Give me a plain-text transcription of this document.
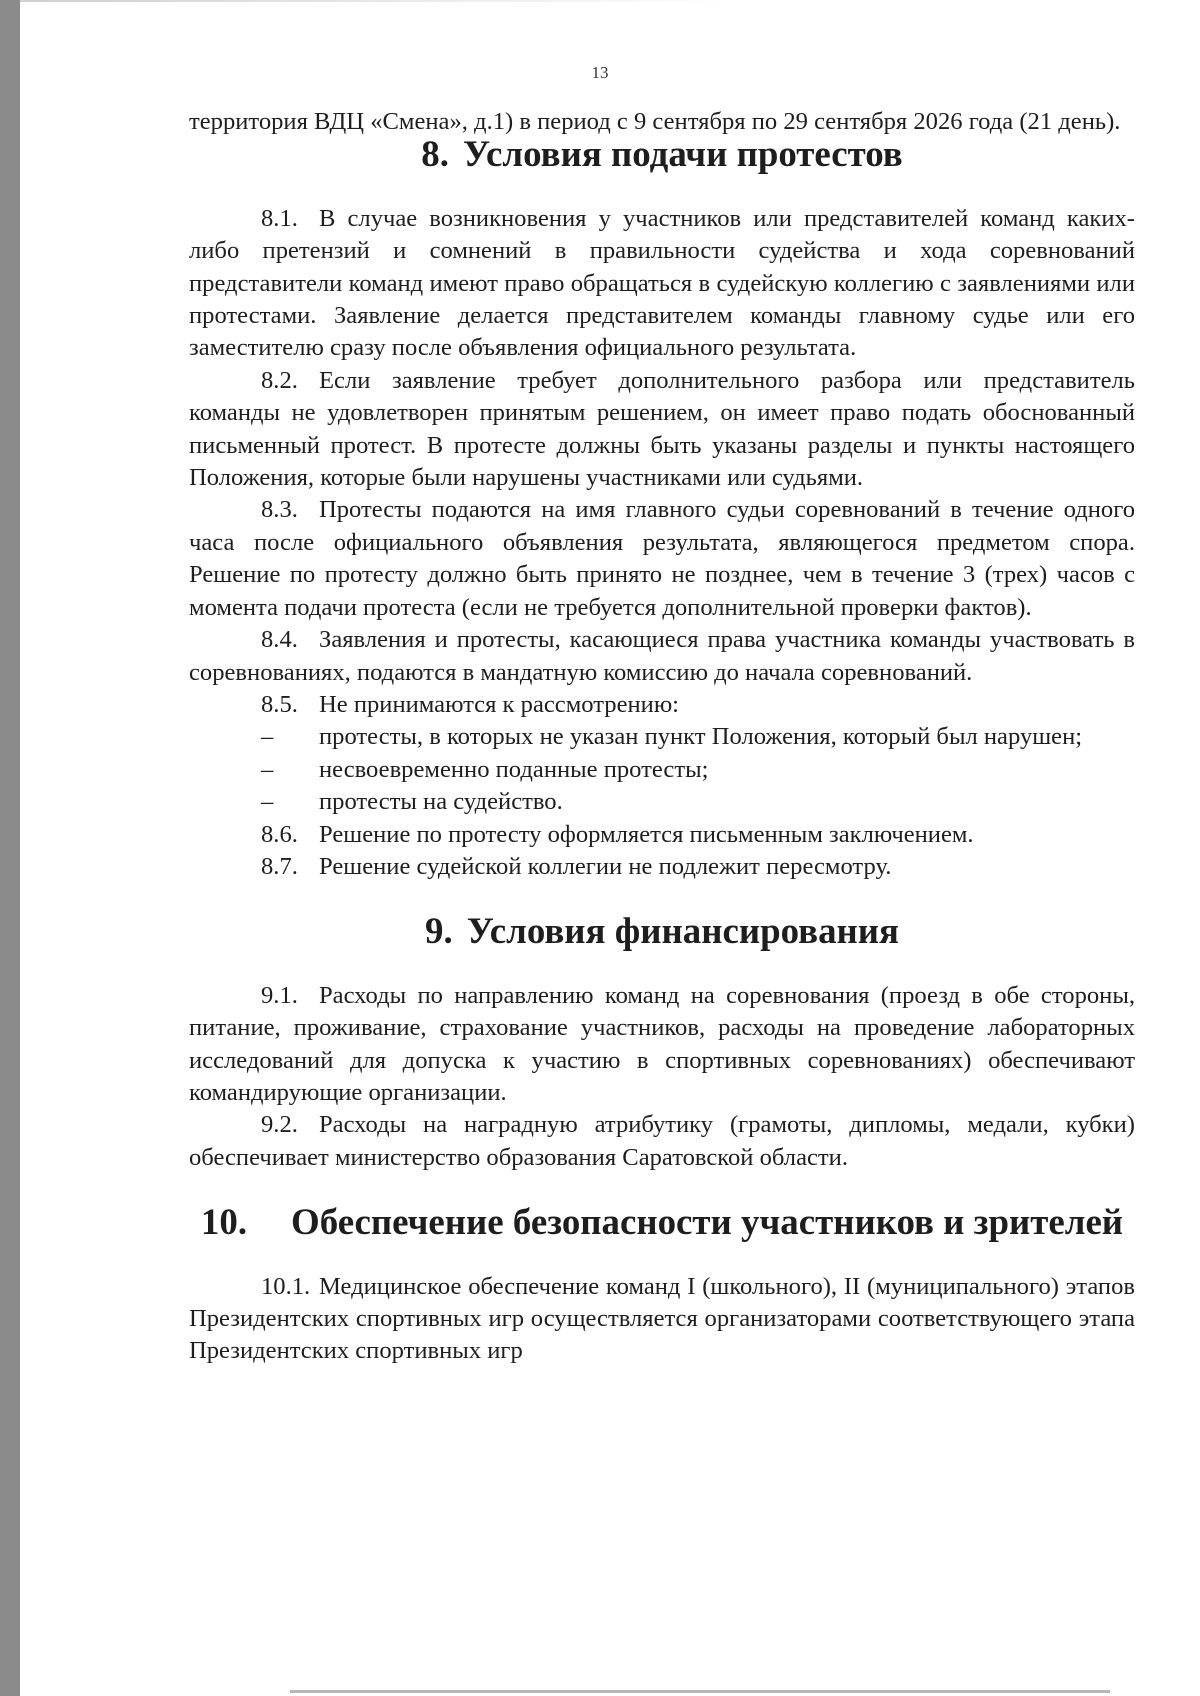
13

территория ВДЦ «Смена», д.1) в период с 9 сентября по 29 сентября 2026 года (21 день).

8. Условия подачи протестов

8.1. В случае возникновения у участников или представителей команд каких-либо претензий и сомнений в правильности судейства и хода соревнований представители команд имеют право обращаться в судейскую коллегию с заявлениями или протестами. Заявление делается представителем команды главному судье или его заместителю сразу после объявления официального результата.

8.2. Если заявление требует дополнительного разбора или представитель команды не удовлетворен принятым решением, он имеет право подать обоснованный письменный протест. В протесте должны быть указаны разделы и пункты настоящего Положения, которые были нарушены участниками или судьями.

8.3. Протесты подаются на имя главного судьи соревнований в течение одного часа после официального объявления результата, являющегося предметом спора. Решение по протесту должно быть принято не позднее, чем в течение 3 (трех) часов с момента подачи протеста (если не требуется дополнительной проверки фактов).

8.4. Заявления и протесты, касающиеся права участника команды участвовать в соревнованиях, подаются в мандатную комиссию до начала соревнований.

8.5. Не принимаются к рассмотрению:

– протесты, в которых не указан пункт Положения, который был нарушен;

– несвоевременно поданные протесты;

– протесты на судейство.

8.6. Решение по протесту оформляется письменным заключением.

8.7. Решение судейской коллегии не подлежит пересмотру.

9. Условия финансирования

9.1. Расходы по направлению команд на соревнования (проезд в обе стороны, питание, проживание, страхование участников, расходы на проведение лабораторных исследований для допуска к участию в спортивных соревнованиях) обеспечивают командирующие организации.

9.2. Расходы на наградную атрибутику (грамоты, дипломы, медали, кубки) обеспечивает министерство образования Саратовской области.

10. Обеспечение безопасности участников и зрителей

10.1. Медицинское обеспечение команд I (школьного), II (муниципального) этапов Президентских спортивных игр осуществляется организаторами соответствующего этапа Президентских спортивных игр
